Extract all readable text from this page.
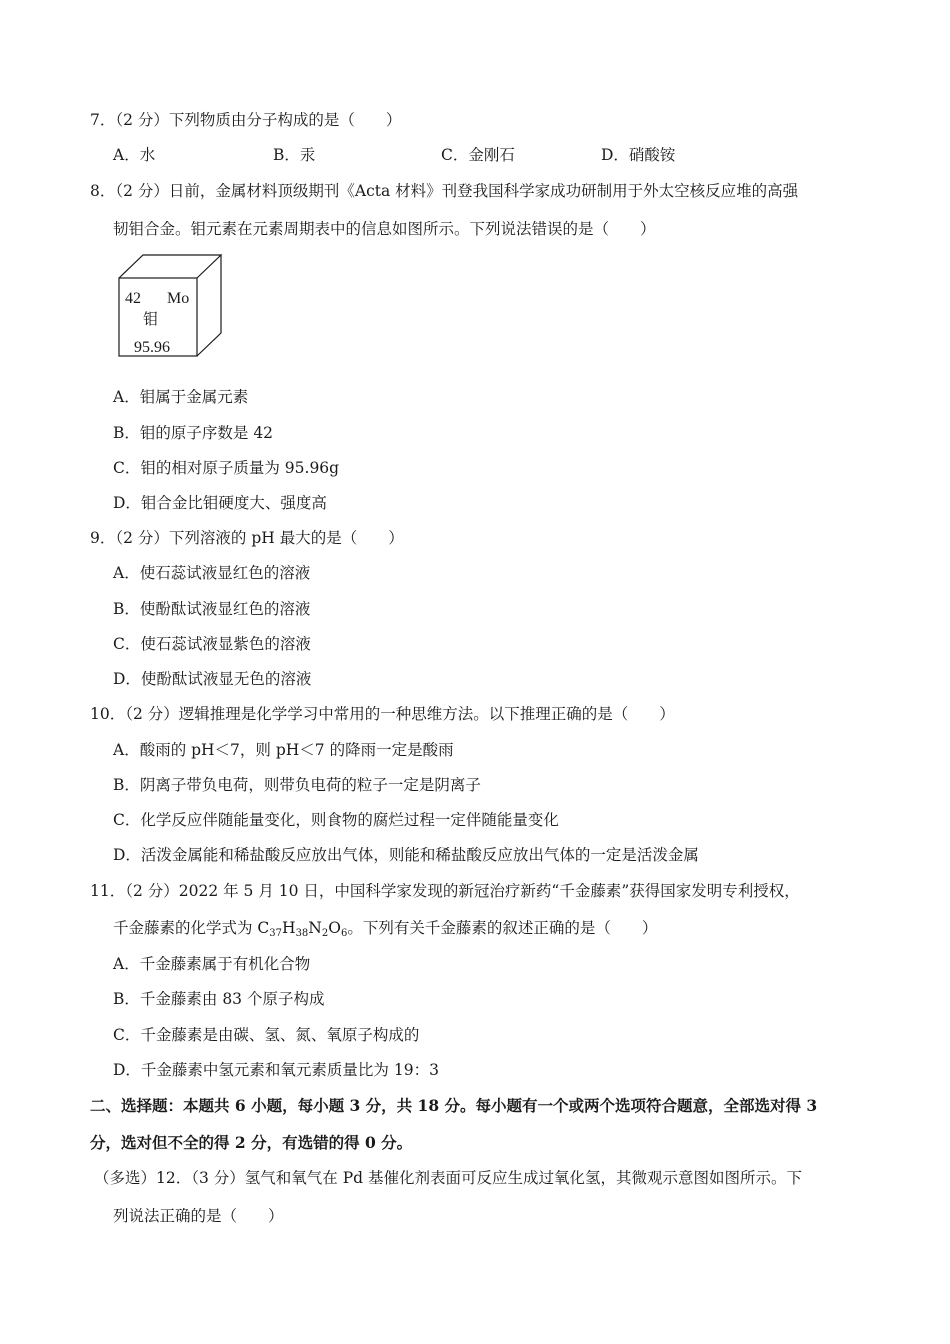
7．（2 分）下列物质由分子构成的是（　　）
A．水	B．汞	C．金刚石	D．硝酸铵
8．（2 分）日前，金属材料顶级期刊《Acta 材料》刊登我国科学家成功研制用于外太空核反应堆的高强
韧钼合金。钼元素在元素周期表中的信息如图所示。下列说法错误的是（　　）
42 Mo
钼
95.96
A．钼属于金属元素
B．钼的原子序数是 42
C．钼的相对原子质量为 95.96g
D．钼合金比钼硬度大、强度高
9．（2 分）下列溶液的 pH 最大的是（　　）
A．使石蕊试液显红色的溶液
B．使酚酞试液显红色的溶液
C．使石蕊试液显紫色的溶液
D．使酚酞试液显无色的溶液
10．（2 分）逻辑推理是化学学习中常用的一种思维方法。以下推理正确的是（　　）
A．酸雨的 pH＜7，则 pH＜7 的降雨一定是酸雨
B．阴离子带负电荷，则带负电荷的粒子一定是阴离子
C．化学反应伴随能量变化，则食物的腐烂过程一定伴随能量变化
D．活泼金属能和稀盐酸反应放出气体，则能和稀盐酸反应放出气体的一定是活泼金属
11．（2 分）2022 年 5 月 10 日，中国科学家发现的新冠治疗新药“千金藤素”获得国家发明专利授权，
千金藤素的化学式为 $C_{37}H_{38}N_2O_6$。下列有关千金藤素的叙述正确的是（　　）
A．千金藤素属于有机化合物
B．千金藤素由 83 个原子构成
C．千金藤素是由碳、氢、氮、氧原子构成的
D．千金藤素中氢元素和氧元素质量比为 19：3
二、选择题：本题共 6 小题，每小题 3 分，共 18 分。每小题有一个或两个选项符合题意，全部选对得 3
分，选对但不全的得 2 分，有选错的得 0 分。
（多选）12．（3 分）氢气和氧气在 Pd 基催化剂表面可反应生成过氧化氢，其微观示意图如图所示。下
列说法正确的是（　　）
